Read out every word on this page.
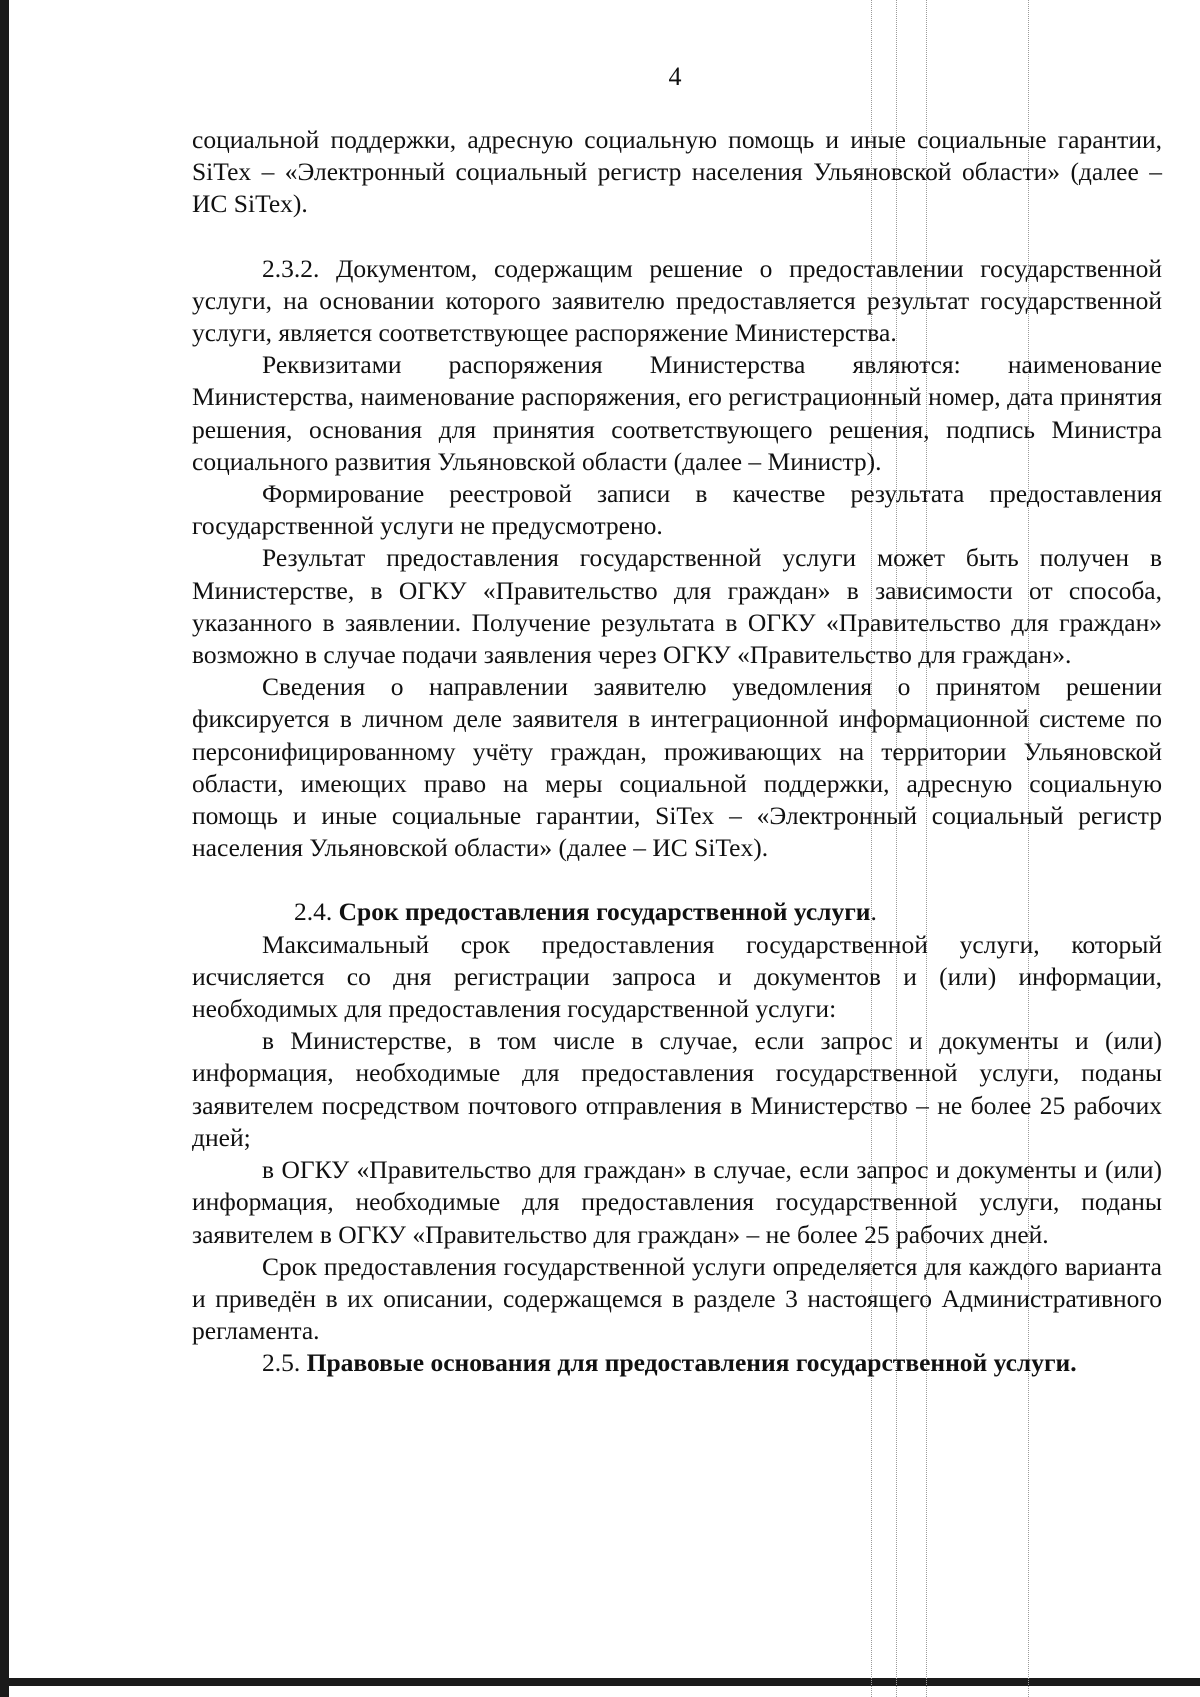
4

социальной поддержки, адресную социальную помощь и иные социальные гарантии, SiTex – «Электронный социальный регистр населения Ульяновской области» (далее – ИС SiTex).

2.3.2. Документом, содержащим решение о предоставлении государственной услуги, на основании которого заявителю предоставляется результат государственной услуги, является соответствующее распоряжение Министерства.

Реквизитами распоряжения Министерства являются: наименование Министерства, наименование распоряжения, его регистрационный номер, дата принятия решения, основания для принятия соответствующего решения, подпись Министра социального развития Ульяновской области (далее – Министр).

Формирование реестровой записи в качестве результата предоставления государственной услуги не предусмотрено.

Результат предоставления государственной услуги может быть получен в Министерстве, в ОГКУ «Правительство для граждан» в зависимости от способа, указанного в заявлении. Получение результата в ОГКУ «Правительство для граждан» возможно в случае подачи заявления через ОГКУ «Правительство для граждан».

Сведения о направлении заявителю уведомления о принятом решении фиксируется в личном деле заявителя в интеграционной информационной системе по персонифицированному учёту граждан, проживающих на территории Ульяновской области, имеющих право на меры социальной поддержки, адресную социальную помощь и иные социальные гарантии, SiTex – «Электронный социальный регистр населения Ульяновской области» (далее – ИС SiTex).

2.4. Срок предоставления государственной услуги.

Максимальный срок предоставления государственной услуги, который исчисляется со дня регистрации запроса и документов и (или) информации, необходимых для предоставления государственной услуги:

в Министерстве, в том числе в случае, если запрос и документы и (или) информация, необходимые для предоставления государственной услуги, поданы заявителем посредством почтового отправления в Министерство – не более 25 рабочих дней;

в ОГКУ «Правительство для граждан» в случае, если запрос и документы и (или) информация, необходимые для предоставления государственной услуги, поданы заявителем в ОГКУ «Правительство для граждан» – не более 25 рабочих дней.

Срок предоставления государственной услуги определяется для каждого варианта и приведён в их описании, содержащемся в разделе 3 настоящего Административного регламента.

2.5. Правовые основания для предоставления государственной услуги.
